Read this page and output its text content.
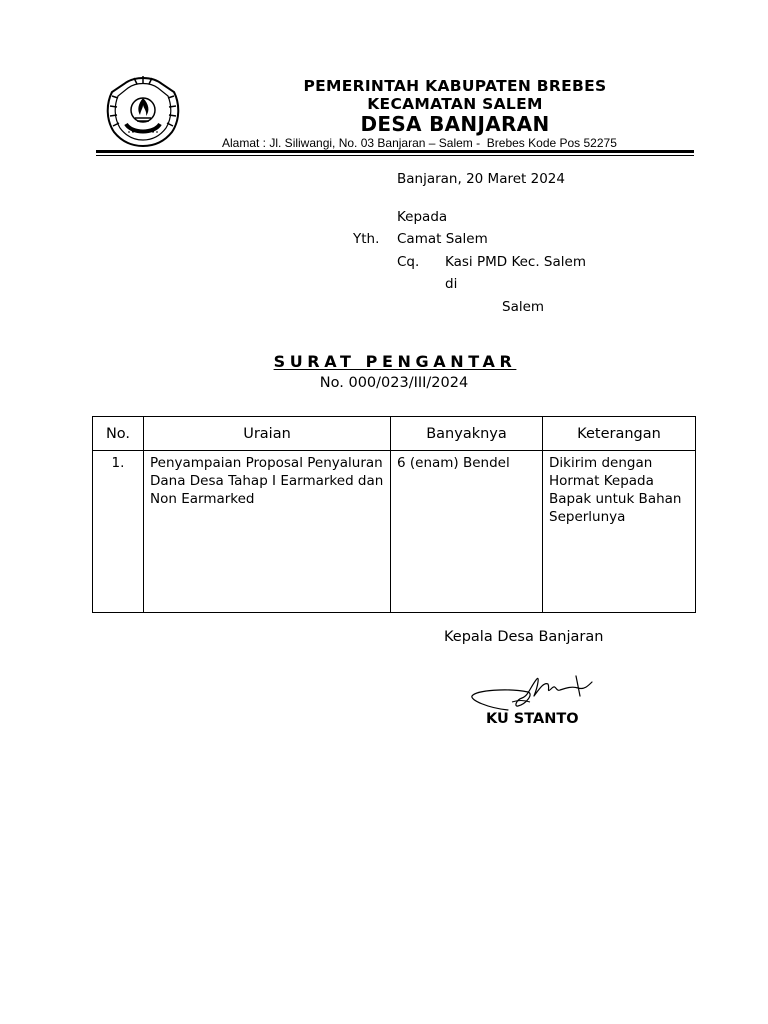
PEMERINTAH KABUPATEN BREBES
KECAMATAN SALEM
DESA BANJARAN
Alamat : Jl. Siliwangi, No. 03 Banjaran – Salem -  Brebes Kode Pos 52275
Banjaran, 20 Maret 2024
Kepada
Yth. Camat Salem
Cq. Kasi PMD Kec. Salem
di
Salem
SURAT PENGANTAR
No. 000/023/III/2024
No.	Uraian	Banyaknya	Keterangan
1.	Penyampaian Proposal Penyaluran Dana Desa Tahap I Earmarked dan Non Earmarked	6 (enam) Bendel	Dikirim dengan Hormat Kepada Bapak untuk Bahan Seperlunya
Kepala Desa Banjaran
KU STANTO
